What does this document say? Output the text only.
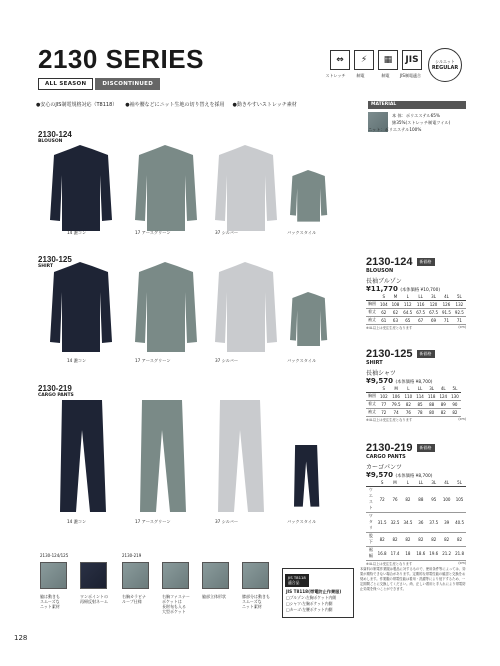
2130 SERIES
ALL SEASON	DISCONTINUED
⇔	⚡	▦	JIS
ストレッチ	制電	制電	JIS制電適合
シルエット
REGULAR
●安心のJIS制電規格対応（T8118） ●袖や腰などにニット生地の切り替えを採用 ●動きやすいストレッチ素材	MATERIAL
本 体：ポリエステル65%
綿35%(ストレッチ制電ツイル)
ニット：ポリエステル100%
2130-124
BLOUSON
14 濃コン	17 アースグリーン	37 シルバー	バックスタイル
2130-125
SHIRT
14 濃コン	17 アースグリーン	37 シルバー	バックスタイル
2130-219
CARGO PANTS
14 濃コン	17 アースグリーン	37 シルバー	バックスタイル
2130-124	新価格
BLOUSON
長袖ブルゾン
¥11,770 (本体価格 ¥10,700)
	S	M	L	LL	3L	4L	5L
胸囲	104	108	112	116	120	126	132
着丈	62	62	64.5	67.5	67.5	91.5	92.5
袖丈	61	63	65	67	69	71	71
※4L以上は受注生産となります	(cm)
2130-125	新価格
SHIRT
長袖シャツ
¥9,570 (本体価格 ¥8,700)
	S	M	L	LL	3L	4L	5L
胸囲	102	106	110	114	118	124	130
着丈	77	79.5	82	85	88	89	90
袖丈	72	74	76	78	80	82	82
※4L以上は受注生産となります	(cm)
2130-219	新価格
CARGO PANTS
カーゴパンツ
¥9,570 (本体価格 ¥8,700)
	S	M	L	LL	3L	4L	5L
ウエスト	72	76	82	88	95	100	105
ワタリ	31.5	32.5	34.5	36	37.5	39	40.5
股下	82	82	82	82	82	82	82
裾幅	16.8	17.4	18	18.6	19.6	21.2	21.8
※4L以上は受注生産となります	(cm)
2130-124/125	2130-219
脇は動きも
スムーズな
ニット素材
ワンポイントの
再帰反射ネーム
右胸カラビナ
ループ仕様
右胸ファスナー
ポケットは
長財布も入る
大型ポケット
脇部立体形状	膝部分は動きも
スムーズな
ニット素材
JIS T8118
適合品
JIS T8118(帯電防止作業服)
□ブルゾン:左胸ポケット内側
□シャツ:左胸ポケット内側
□カーゴ:左腰ポケット内側
本資料の制電作業服は製品に対するもので、使用条件等によっては、効果が期待できない場合があります。定期的な帯電性能の確認と交換をお奨めします。作業服の帯電性能は着用・洗濯等により低下するため、一定期間ごとに交換してください。尚、正しい着用と手入れにより帯電防止効果を保つことができます。
128
